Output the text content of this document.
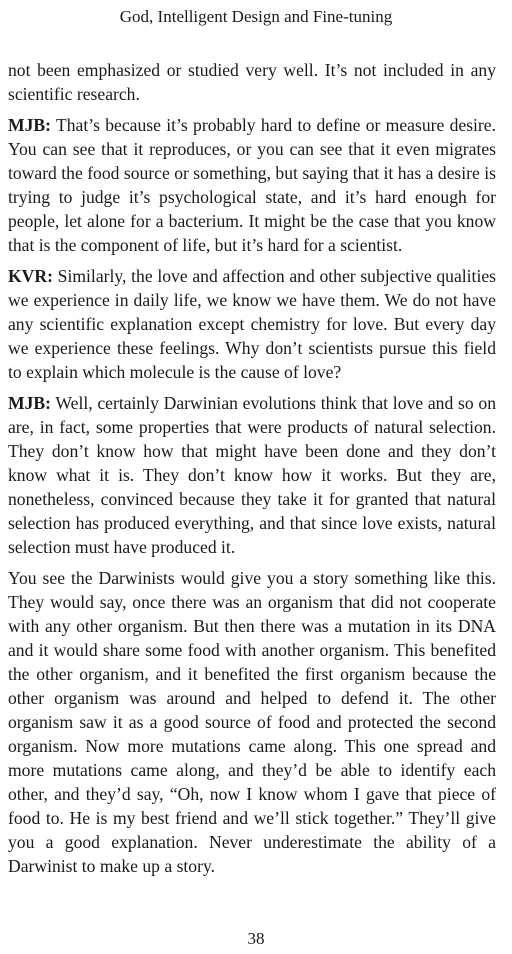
God, Intelligent Design and Fine-tuning

not been emphasized or studied very well. It’s not included in any scientific research.

MJB: That’s because it’s probably hard to define or measure desire. You can see that it reproduces, or you can see that it even migrates toward the food source or something, but saying that it has a desire is trying to judge it’s psychological state, and it’s hard enough for people, let alone for a bacterium. It might be the case that you know that is the component of life, but it’s hard for a scientist.

KVR: Similarly, the love and affection and other subjective qualities we experience in daily life, we know we have them. We do not have any scientific explanation except chemistry for love. But every day we experience these feelings. Why don’t scientists pursue this field to explain which molecule is the cause of love?

MJB: Well, certainly Darwinian evolutions think that love and so on are, in fact, some properties that were products of natural selection. They don’t know how that might have been done and they don’t know what it is. They don’t know how it works. But they are, nonetheless, convinced because they take it for granted that natural selection has produced everything, and that since love exists, natural selection must have produced it.

You see the Darwinists would give you a story something like this. They would say, once there was an organism that did not cooperate with any other organism. But then there was a mutation in its DNA and it would share some food with another organism. This benefited the other organism, and it benefited the first organism because the other organism was around and helped to defend it. The other organism saw it as a good source of food and protected the second organism. Now more mutations came along. This one spread and more mutations came along, and they’d be able to identify each other, and they’d say, “Oh, now I know whom I gave that piece of food to. He is my best friend and we’ll stick together.” They’ll give you a good explanation. Never underestimate the ability of a Darwinist to make up a story.

38
